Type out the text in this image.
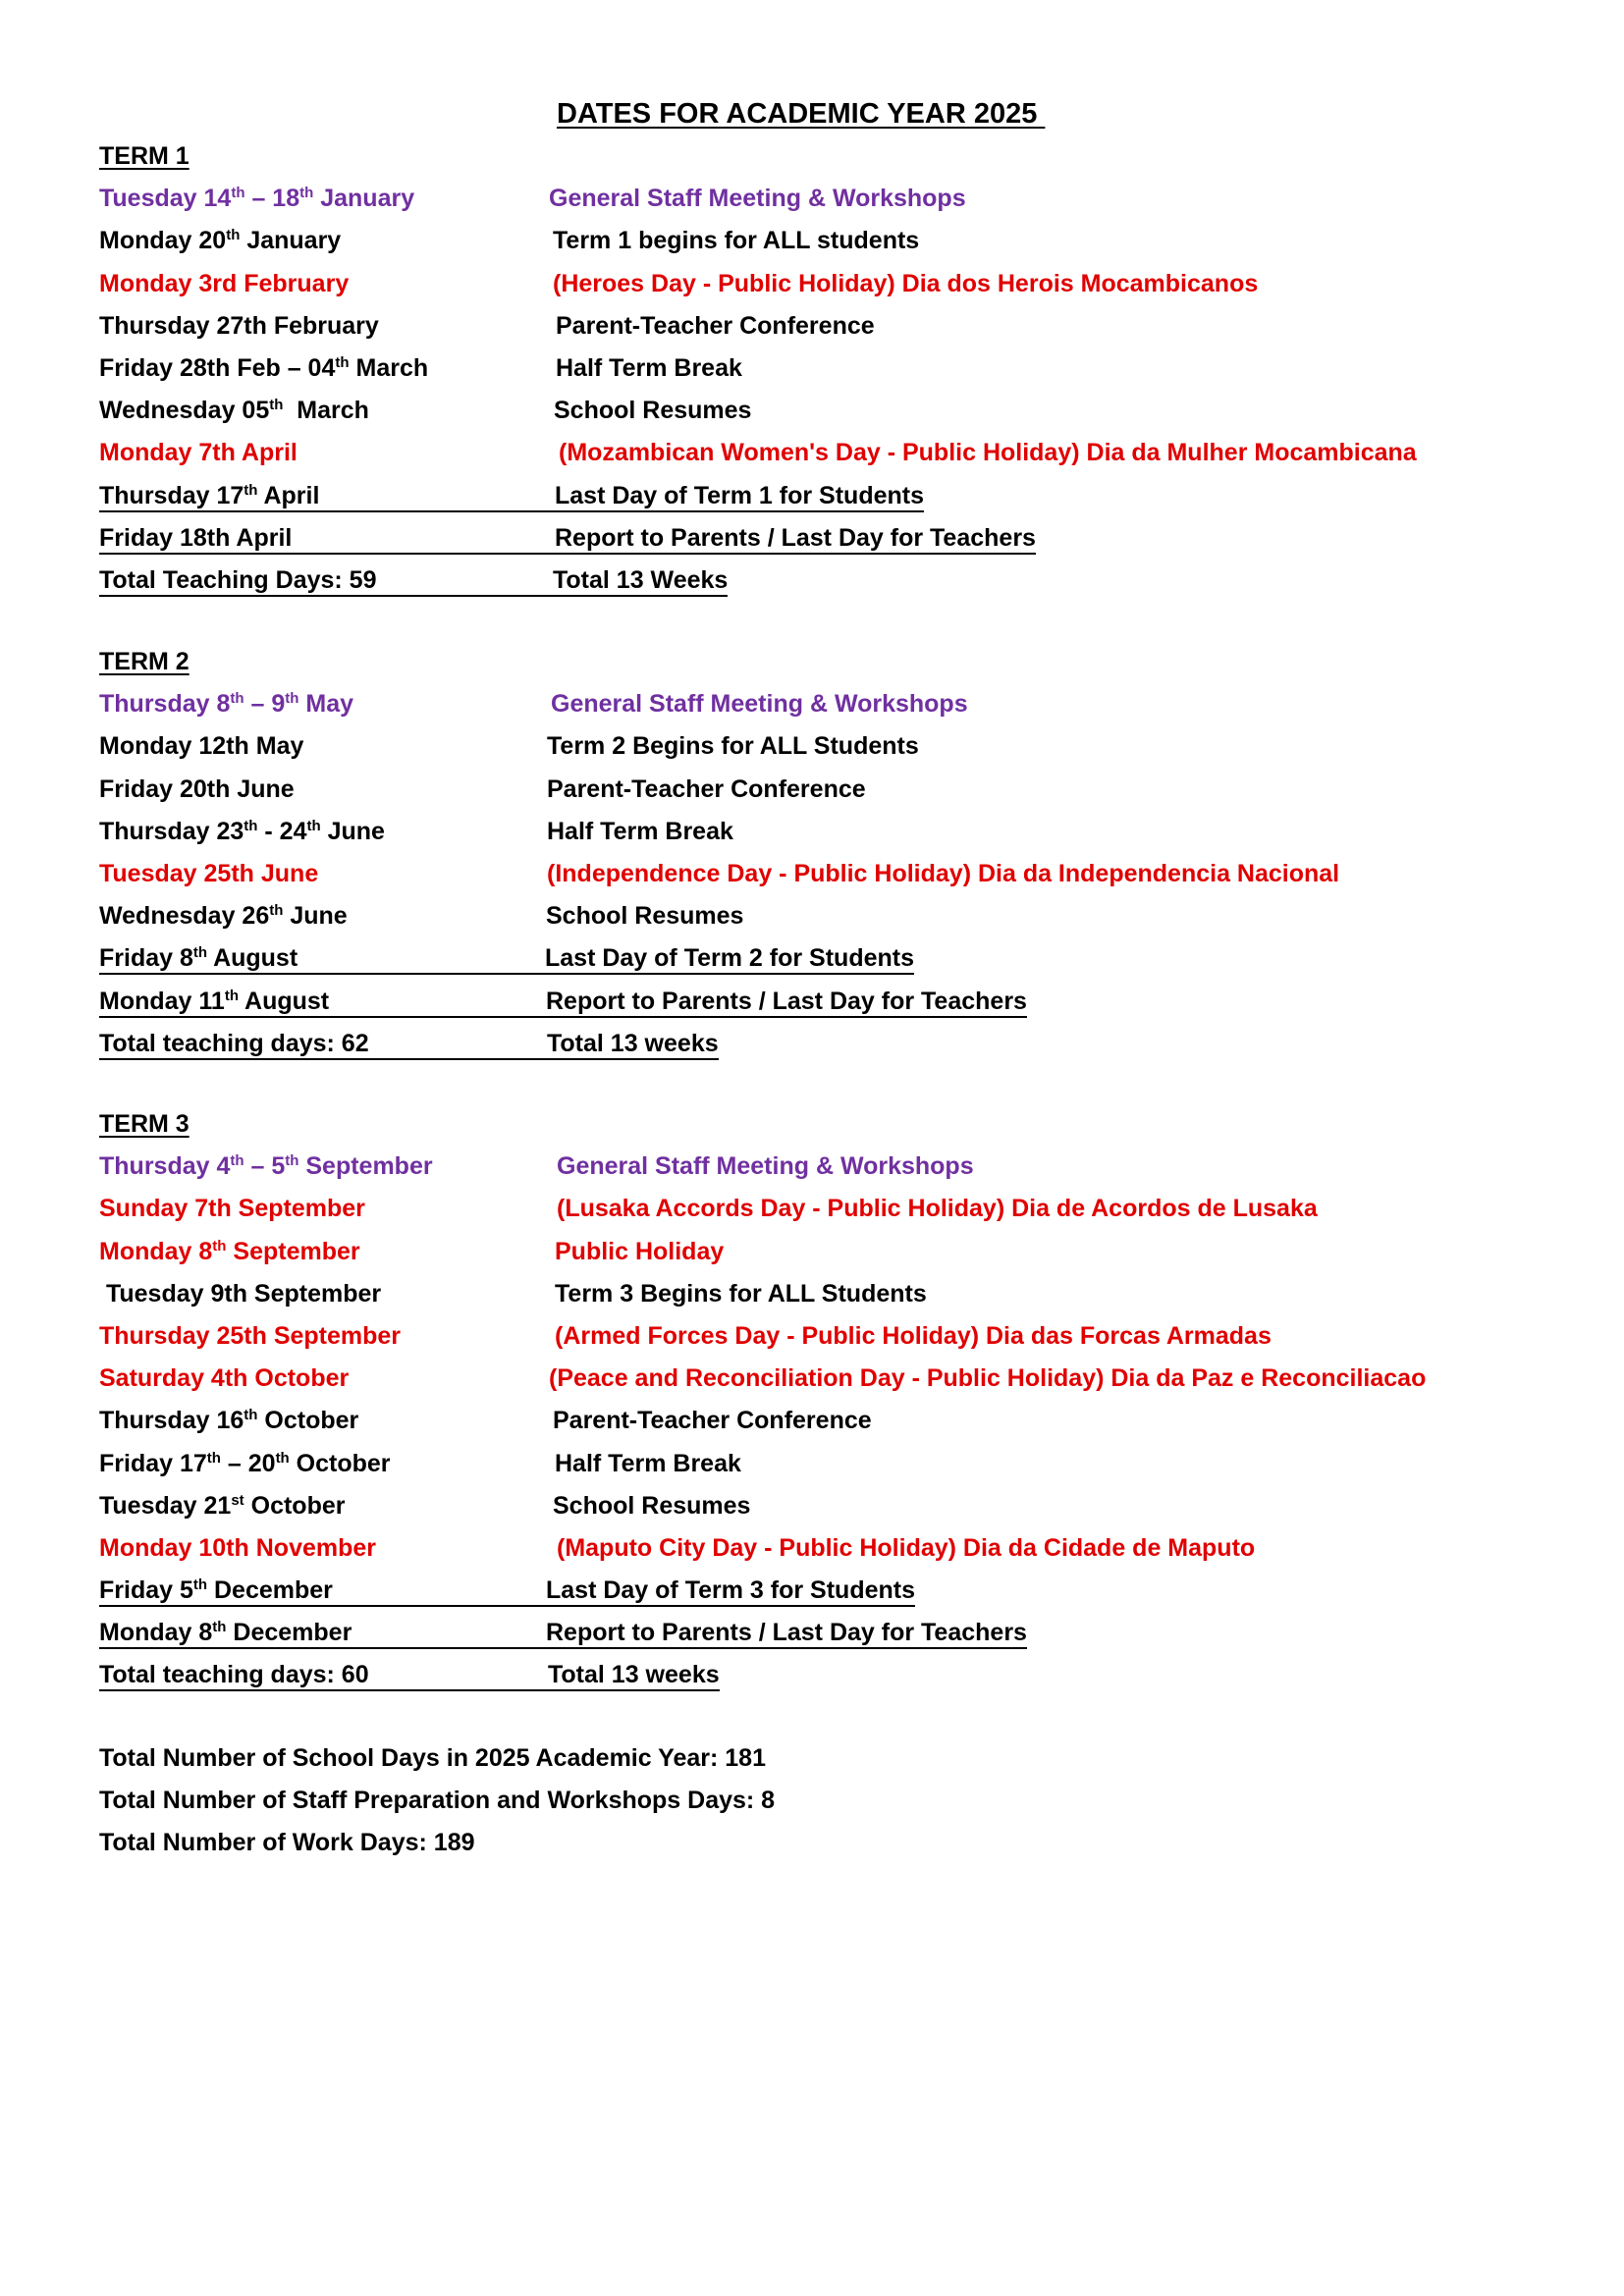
DATES FOR ACADEMIC YEAR 2025
TERM 1
Tuesday 14th – 18th January	General Staff Meeting & Workshops
Monday 20th January	Term 1 begins for ALL students
Monday 3rd February	(Heroes Day - Public Holiday) Dia dos Herois Mocambicanos
Thursday 27th February	Parent-Teacher Conference
Friday 28th Feb – 04th March	Half Term Break
Wednesday 05th  March	School Resumes
Monday 7th April	(Mozambican Women's Day - Public Holiday) Dia da Mulher Mocambicana
Thursday 17th April	Last Day of Term 1 for Students
Friday 18th April	Report to Parents / Last Day for Teachers
Total Teaching Days: 59	Total 13 Weeks
TERM 2
Thursday 8th – 9th May	General Staff Meeting & Workshops
Monday 12th May	Term 2 Begins for ALL Students
Friday 20th June	Parent-Teacher Conference
Thursday 23th - 24th June	Half Term Break
Tuesday 25th June	(Independence Day - Public Holiday) Dia da Independencia Nacional
Wednesday 26th June	School Resumes
Friday 8th August	Last Day of Term 2 for Students
Monday 11th August	Report to Parents / Last Day for Teachers
Total teaching days: 62	Total 13 weeks
TERM 3
Thursday 4th – 5th September	General Staff Meeting & Workshops
Sunday 7th September	(Lusaka Accords Day - Public Holiday) Dia de Acordos de Lusaka
Monday 8th September	Public Holiday
Tuesday 9th September	Term 3 Begins for ALL Students
Thursday 25th September	(Armed Forces Day - Public Holiday) Dia das Forcas Armadas
Saturday 4th October	(Peace and Reconciliation Day - Public Holiday) Dia da Paz e Reconciliacao
Thursday 16th October	Parent-Teacher Conference
Friday 17th – 20th October	Half Term Break
Tuesday 21st October	School Resumes
Monday 10th November	(Maputo City Day - Public Holiday) Dia da Cidade de Maputo
Friday 5th December	Last Day of Term 3 for Students
Monday 8th December	Report to Parents / Last Day for Teachers
Total teaching days: 60	Total 13 weeks
Total Number of School Days in 2025 Academic Year: 181
Total Number of Staff Preparation and Workshops Days: 8
Total Number of Work Days: 189
